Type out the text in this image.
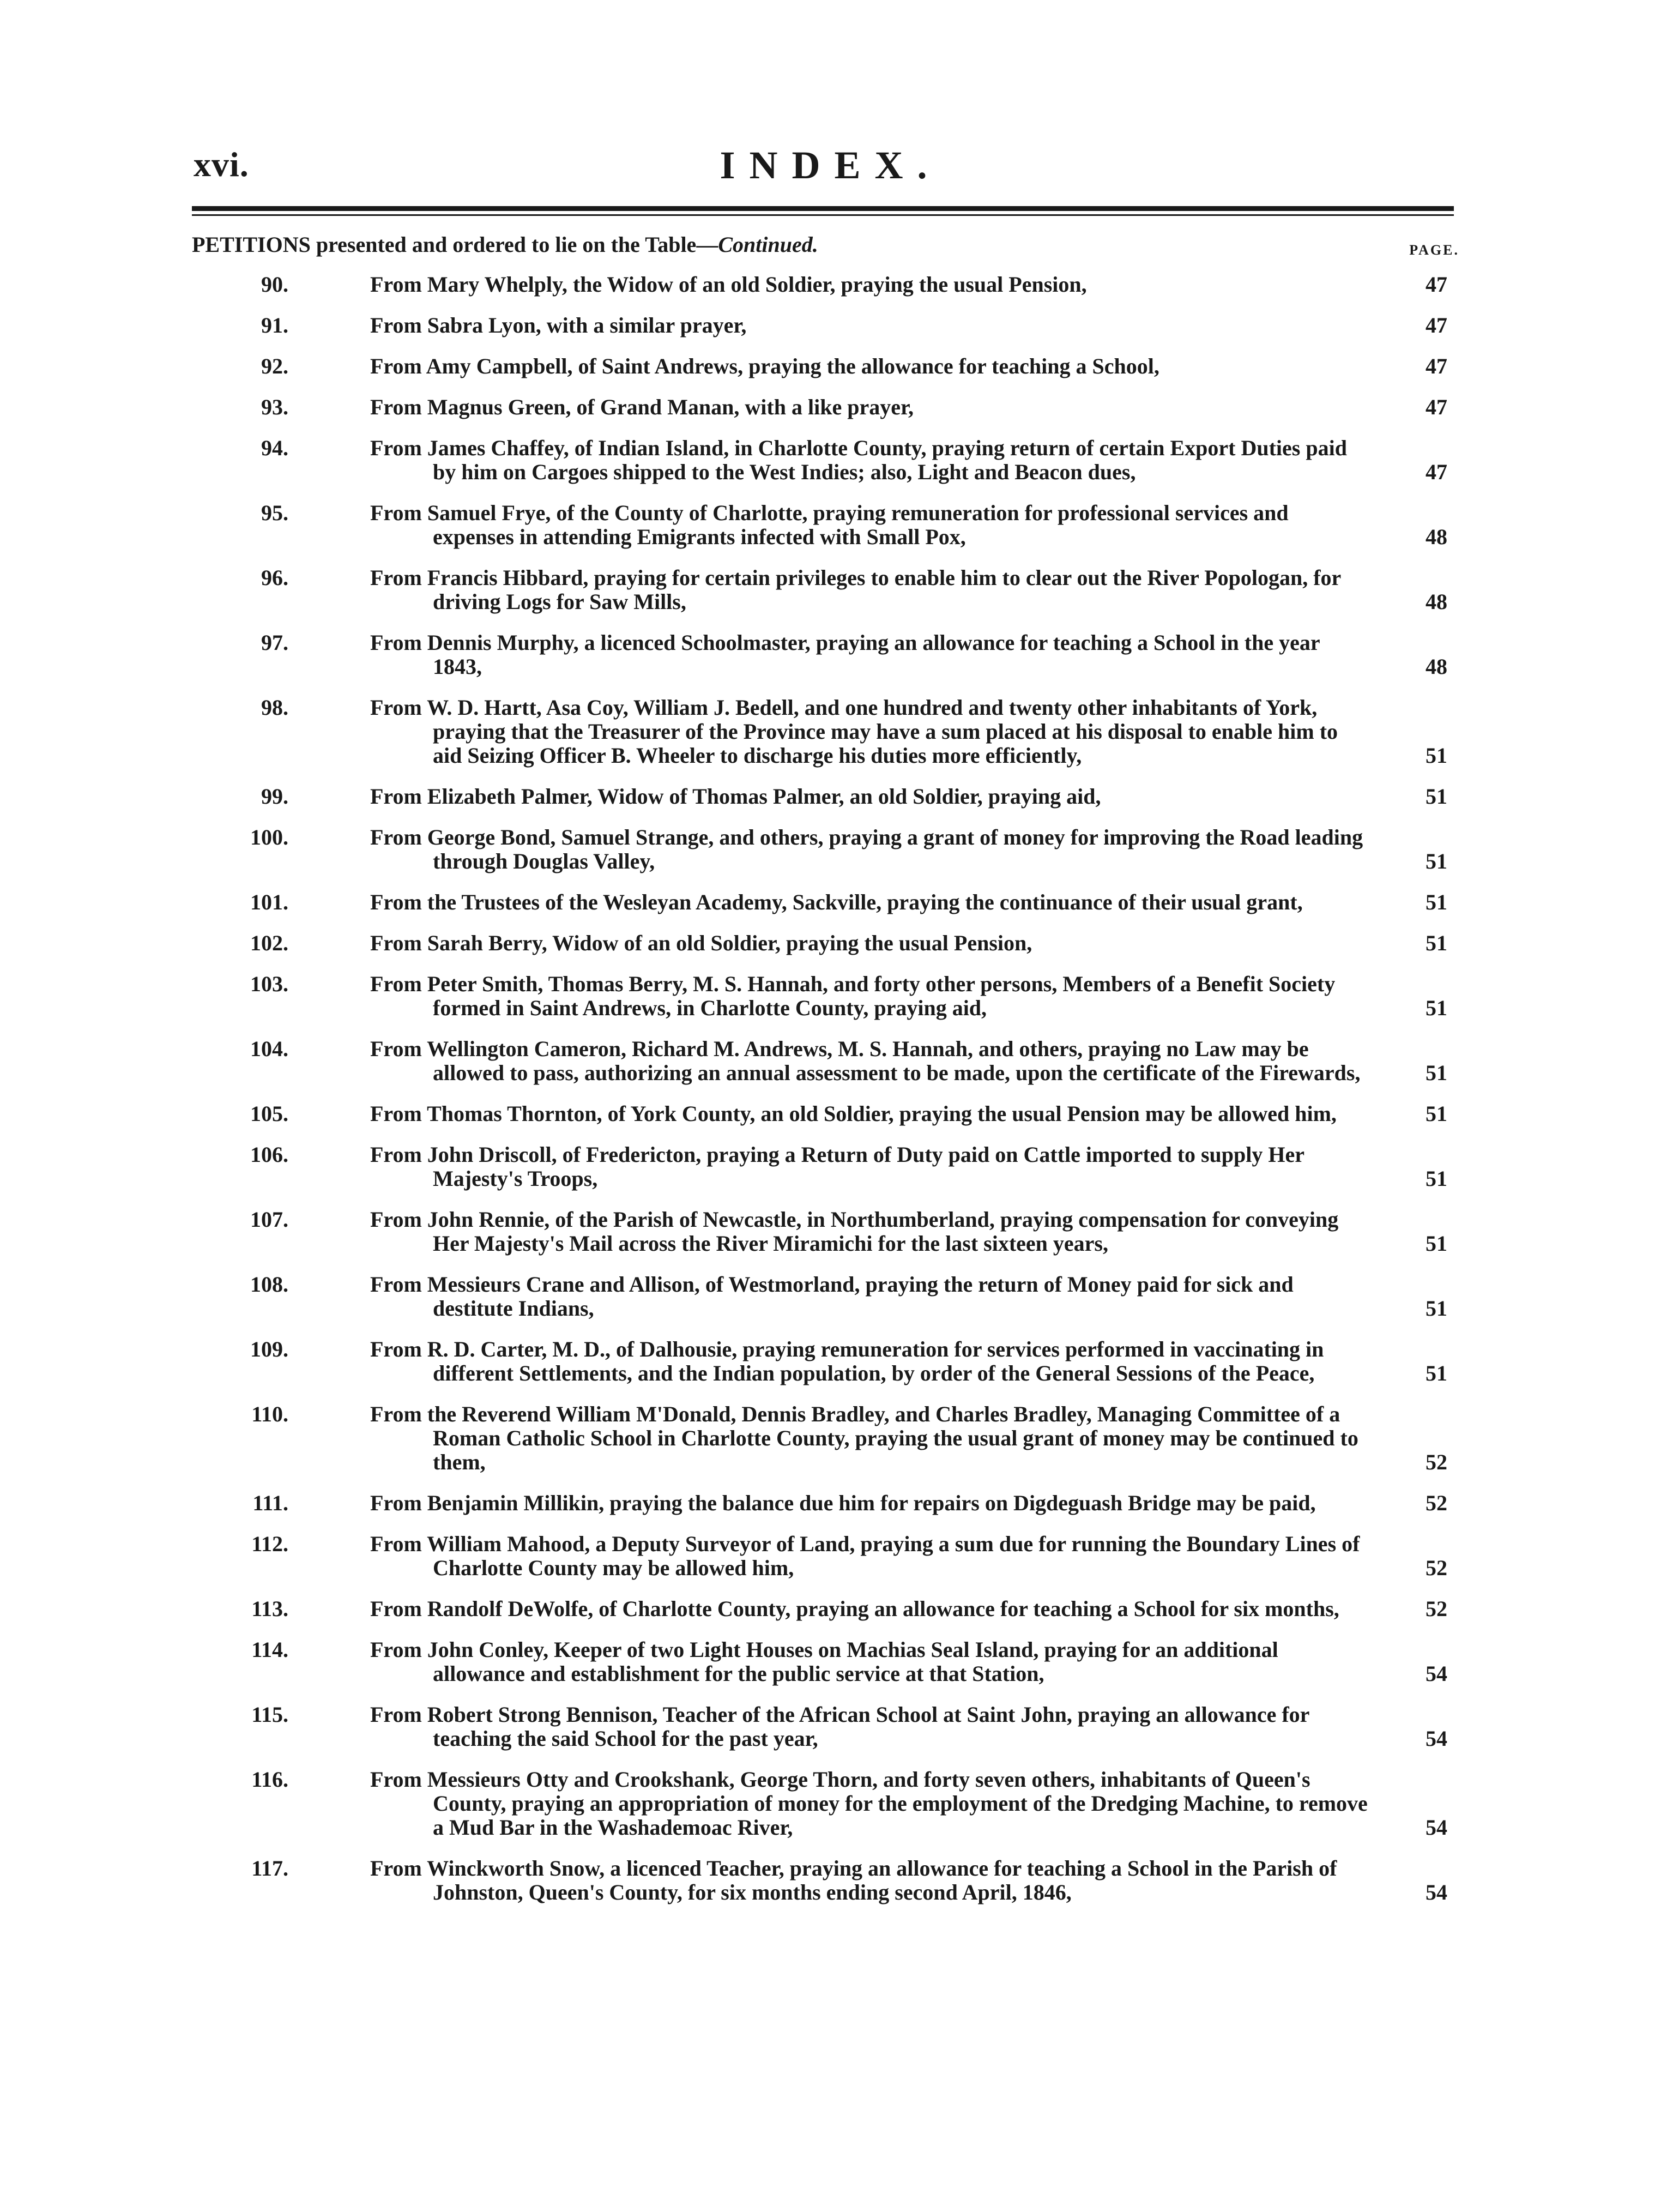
xvi.	INDEX.
PETITIONS presented and ordered to lie on the Table—Continued.	PAGE.
90.	From Mary Whelply, the Widow of an old Soldier, praying the usual Pension,	47
91.	From Sabra Lyon, with a similar prayer,	47
92.	From Amy Campbell, of Saint Andrews, praying the allowance for teaching a School,	47
93.	From Magnus Green, of Grand Manan, with a like prayer,	47
94.	From James Chaffey, of Indian Island, in Charlotte County, praying return of certain Export Duties paid by him on Cargoes shipped to the West Indies; also, Light and Beacon dues,	47
95.	From Samuel Frye, of the County of Charlotte, praying remuneration for professional services and expenses in attending Emigrants infected with Small Pox,	48
96.	From Francis Hibbard, praying for certain privileges to enable him to clear out the River Popologan, for driving Logs for Saw Mills,	48
97.	From Dennis Murphy, a licenced Schoolmaster, praying an allowance for teaching a School in the year 1843,	48
98.	From W. D. Hartt, Asa Coy, William J. Bedell, and one hundred and twenty other inhabitants of York, praying that the Treasurer of the Province may have a sum placed at his disposal to enable him to aid Seizing Officer B. Wheeler to discharge his duties more efficiently,	51
99.	From Elizabeth Palmer, Widow of Thomas Palmer, an old Soldier, praying aid,	51
100.	From George Bond, Samuel Strange, and others, praying a grant of money for improving the Road leading through Douglas Valley,	51
101.	From the Trustees of the Wesleyan Academy, Sackville, praying the continuance of their usual grant,	51
102.	From Sarah Berry, Widow of an old Soldier, praying the usual Pension,	51
103.	From Peter Smith, Thomas Berry, M. S. Hannah, and forty other persons, Members of a Benefit Society formed in Saint Andrews, in Charlotte County, praying aid,	51
104.	From Wellington Cameron, Richard M. Andrews, M. S. Hannah, and others, praying no Law may be allowed to pass, authorizing an annual assessment to be made, upon the certificate of the Firewards,	51
105.	From Thomas Thornton, of York County, an old Soldier, praying the usual Pension may be allowed him,	51
106.	From John Driscoll, of Fredericton, praying a Return of Duty paid on Cattle imported to supply Her Majesty's Troops,	51
107.	From John Rennie, of the Parish of Newcastle, in Northumberland, praying compensation for conveying Her Majesty's Mail across the River Miramichi for the last sixteen years,	51
108.	From Messieurs Crane and Allison, of Westmorland, praying the return of Money paid for sick and destitute Indians,	51
109.	From R. D. Carter, M. D., of Dalhousie, praying remuneration for services performed in vaccinating in different Settlements, and the Indian population, by order of the General Sessions of the Peace,	51
110.	From the Reverend William M'Donald, Dennis Bradley, and Charles Bradley, Managing Committee of a Roman Catholic School in Charlotte County, praying the usual grant of money may be continued to them,	52
111.	From Benjamin Millikin, praying the balance due him for repairs on Digdeguash Bridge may be paid,	52
112.	From William Mahood, a Deputy Surveyor of Land, praying a sum due for running the Boundary Lines of Charlotte County may be allowed him,	52
113.	From Randolf DeWolfe, of Charlotte County, praying an allowance for teaching a School for six months,	52
114.	From John Conley, Keeper of two Light Houses on Machias Seal Island, praying for an additional allowance and establishment for the public service at that Station,	54
115.	From Robert Strong Bennison, Teacher of the African School at Saint John, praying an allowance for teaching the said School for the past year,	54
116.	From Messieurs Otty and Crookshank, George Thorn, and forty seven others, inhabitants of Queen's County, praying an appropriation of money for the employment of the Dredging Machine, to remove a Mud Bar in the Washademoac River,	54
117.	From Winckworth Snow, a licenced Teacher, praying an allowance for teaching a School in the Parish of Johnston, Queen's County, for six months ending second April, 1846,	54
